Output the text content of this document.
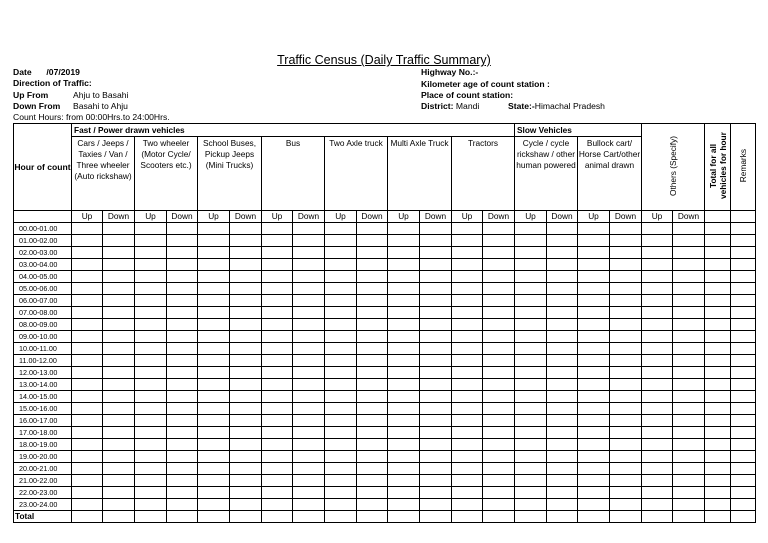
Traffic Census (Daily Traffic Summary)
Date /07/2019
Direction of Traffic:
Up From	Ahju to Basahi
Down From Basahi to Ahju
Count Hours: from 00:00Hrs.to 24:00Hrs.
Highway No.:-
Kilometer age of count station :
Place of count station:
District: Mandi	State:-Himachal Pradesh
Hour of count	Fast / Power drawn vehicles														Slow Vehicles				Others (Specify)		Total for all vehicles for hour	Remarks
	Cars / Jeeps / Taxies / Van / Three wheeler (Auto rickshaw)		Two wheeler (Motor Cycle/ Scooters etc.)		School Buses, Pickup Jeeps (Mini Trucks)		Bus		Two Axle truck		Multi Axle Truck		Tractors		Cycle / cycle rickshaw / other human powered		Bullock cart/ Horse Cart/other animal drawn					
	Up	Down	Up	Down	Up	Down	Up	Down	Up	Down	Up	Down	Up	Down	Up	Down	Up	Down	Up	Down		
00.00-01.00																						
01.00-02.00																						
02.00-03.00																						
03.00-04.00																						
04.00-05.00																						
05.00-06.00																						
06.00-07.00																						
07.00-08.00																						
08.00-09.00																						
09.00-10.00																						
10.00-11.00																						
11.00-12.00																						
12.00-13.00																						
13.00-14.00																						
14.00-15.00																						
15.00-16.00																						
16.00-17.00																						
17.00-18.00																						
18.00-19.00																						
19.00-20.00																						
20.00-21.00																						
21.00-22.00																						
22.00-23.00																						
23.00-24.00																						
Total																						
